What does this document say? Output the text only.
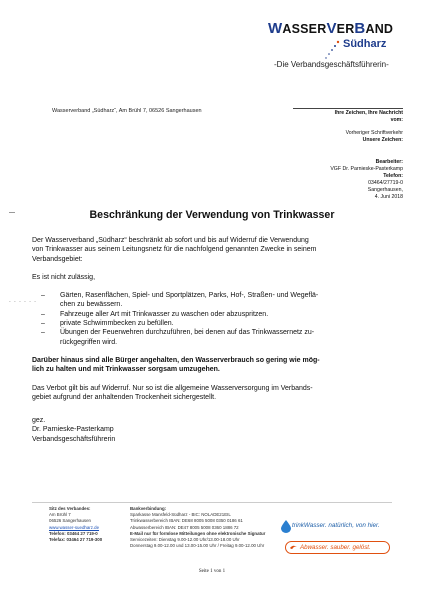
WASSERVERBAND
Südharz
-Die Verbandsgeschäftsführerin-
Wasserverband „Südharz“, Am Brühl 7, 06526 Sangerhausen
- - - - - -
Ihre Zeichen, Ihre Nachricht
vom:
Vorheriger Schriftverkehr
Unsere Zeichen:
Bearbeiter:
VGF Dr. Parnieske-Pasterkamp
Telefon:
03464/27719-0
Sangerhausen,
4. Juni 2018
Beschränkung der Verwendung von Trinkwasser

Der Wasserverband „Südharz“ beschränkt ab sofort und bis auf Widerruf die Verwendung

von Trinkwasser aus seinem Leitungsnetz für die nachfolgend genannten Zwecke in seinem

Verbandsgebiet:

Es ist nicht zulässig,

– Gärten, Rasenflächen, Spiel- und Sportplätzen, Parks, Hof-, Straßen- und Wegeflä-
chen zu bewässern.
– Fahrzeuge aller Art mit Trinkwasser zu waschen oder abzuspritzen.
– private Schwimmbecken zu befüllen.
– Übungen der Feuerwehren durchzuführen, bei denen auf das Trinkwassernetz zu-
rückgegriffen wird.

Darüber hinaus sind alle Bürger angehalten, den Wasserverbrauch so gering wie mög-

lich zu halten und mit Trinkwasser sorgsam umzugehen.

Das Verbot gilt bis auf Widerruf. Nur so ist die allgemeine Wasserversorgung im Verbands-

gebiet aufgrund der anhaltenden Trockenheit sichergestellt.

gez.

Dr. Parnieske-Pasterkamp

Verbandsgeschäftsführerin

Sitz des Verbandes:
Am Brühl 7
06526 Sangerhausen
www.wasser-suedharz.de
Telefon: 03464 27 719-0
Telefax: 03464 27 719-300
Bankverbindung:
Sparkasse Mansfeld-Südharz - BIC: NOLADE21EIL
Trinkwasserbereich IBAN: DE68 8005 5008 0350 0186 61
Abwasserbereich IBAN: DE47 8005 5008 0360 1886 72
E-Mail nur für formlose Mitteilungen ohne elektronische Signatur
Servicezeiten: Dienstag 9.00-12.00 Uhr/13.00-18.00 Uhr
Donnerstag 9.00-12.00 und 13.00-15.00 Uhr / Freitag 9.00-12.00 Uhr
trinkWasser. natürlich, von hier.
Abwasser. sauber. gelöst.
Seite 1 von 1
